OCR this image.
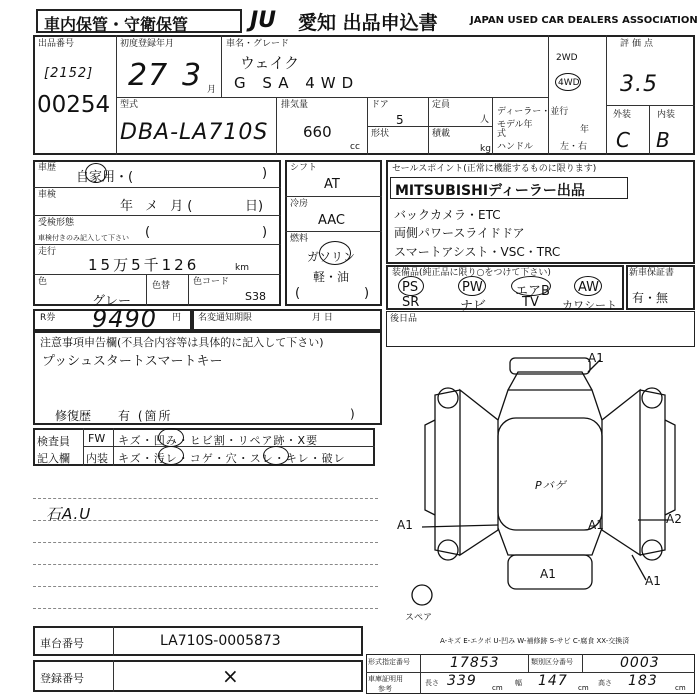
車内保管・守衛保管	JU	愛知 出品申込書	JAPAN USED CAR DEALERS ASSOCIATION
出品番号
[2152]
00254
初度登録年月
27 3 月
車名・グレード
ウェイク
G SA 4WD
2WD
4WD
評価点
3.5
外装	内装
C B
型式
DBA-LA710S
排気量
660
cc
ドア
5
定員
人
形状	積載
kg
ディーラー・並行
モデル年式	年
ハンドル	左・右
車歴
自家用・(	)
車検
年 メ 月(	日)
受検形態
車検付きのみ記入して下さい (	)
走行
15万5千126	km
色
グレー
色替	色コード
S38
シフト
AT
冷房
AAC
燃料
ガソリン
軽・油
(	)
セールスポイント(正常に機能するものに限ります)
MITSUBISHIディーラー出品
バックカメラ・ETC
両側パワースライドドア
スマートアシスト・VSC・TRC
装備品(純正品に限り○をつけて下さい)
PS	PW エアB AW
SR	ナビ	TV カワシート
新車保証書
有・無
R券 9490 円 名変通知期限	月 日	後日品
注意事項申告欄(不具合内容等は具体的に記入して下さい)
プッシュスタートスマートキー
修復歴 有 (箇所	)
検査員
記入欄
FW キズ・凹み・ヒビ割・リペア跡・X要
内装 キズ・汚レ・コゲ・穴・スレ・キレ・破レ
石A.U
A1
A1	A2
A1
A1
Pバゲ
A1
スペア
A-キズ E-エクボ U-凹み W-補修跡 S-サビ C-腐食 XX-交換済
車台番号	LA710S-0005873
登録番号	×
形式指定番号	17853	類別区分番号	0003
車庫証明用
参考
長さ 339 cm
幅 147 cm
高さ 183 cm
